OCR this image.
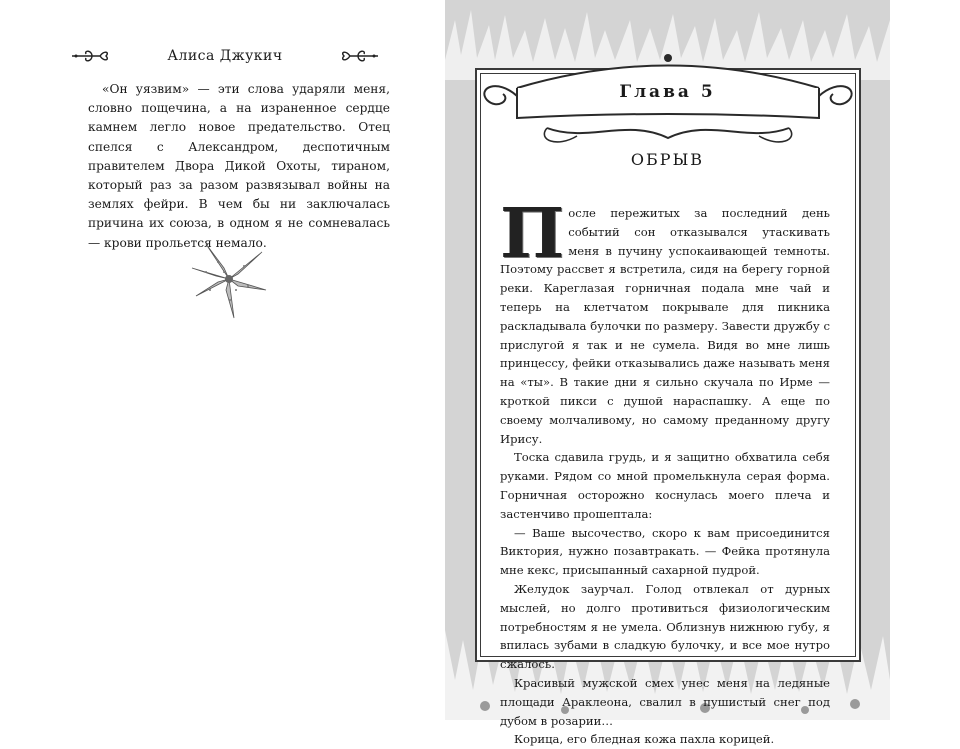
Алиса Джукич

«Он уязвим» — эти слова ударяли меня, словно пощечина, а на израненное сердце камнем легло новое предательство. Отец спелся с Александром, деспотичным правителем Двора Дикой Охоты, тираном, который раз за разом развязывал войны на землях фейри. В чем бы ни заключалась причина их союза, в одном я не сомневалась — крови прольется немало.

Глава 5
ОБРЫВ
П осле пережитых за последний день событий сон отказывался утаскивать меня в пучину успокаивающей темноты. Поэтому рассвет я встретила, сидя на берегу горной реки. Кареглазая горничная подала мне чай и теперь на клетчатом покрывале для пикника раскладывала булочки по размеру. Завести дружбу с прислугой я так и не сумела. Видя во мне лишь принцессу, фейки отказывались даже называть меня на «ты». В такие дни я сильно скучала по Ирме — кроткой пикси с душой нараспашку. А еще по своему молчаливому, но самому преданному другу Ирису.

Тоска сдавила грудь, и я защитно обхватила себя руками. Рядом со мной промелькнула серая форма. Горничная осторожно коснулась моего плеча и застенчиво прошептала:

— Ваше высочество, скоро к вам присоединится Виктория, нужно позавтракать. — Фейка протянула мне кекс, присыпанный сахарной пудрой.

Желудок заурчал. Голод отвлекал от дурных мыслей, но долго противиться физиологическим потребностям я не умела. Облизнув нижнюю губу, я впилась зубами в сладкую булочку, и все мое нутро сжалось.

Красивый мужской смех унес меня на ледяные площади Араклеона, свалил в пушистый снег под дубом в розарии…

Корица, его бледная кожа пахла корицей.
